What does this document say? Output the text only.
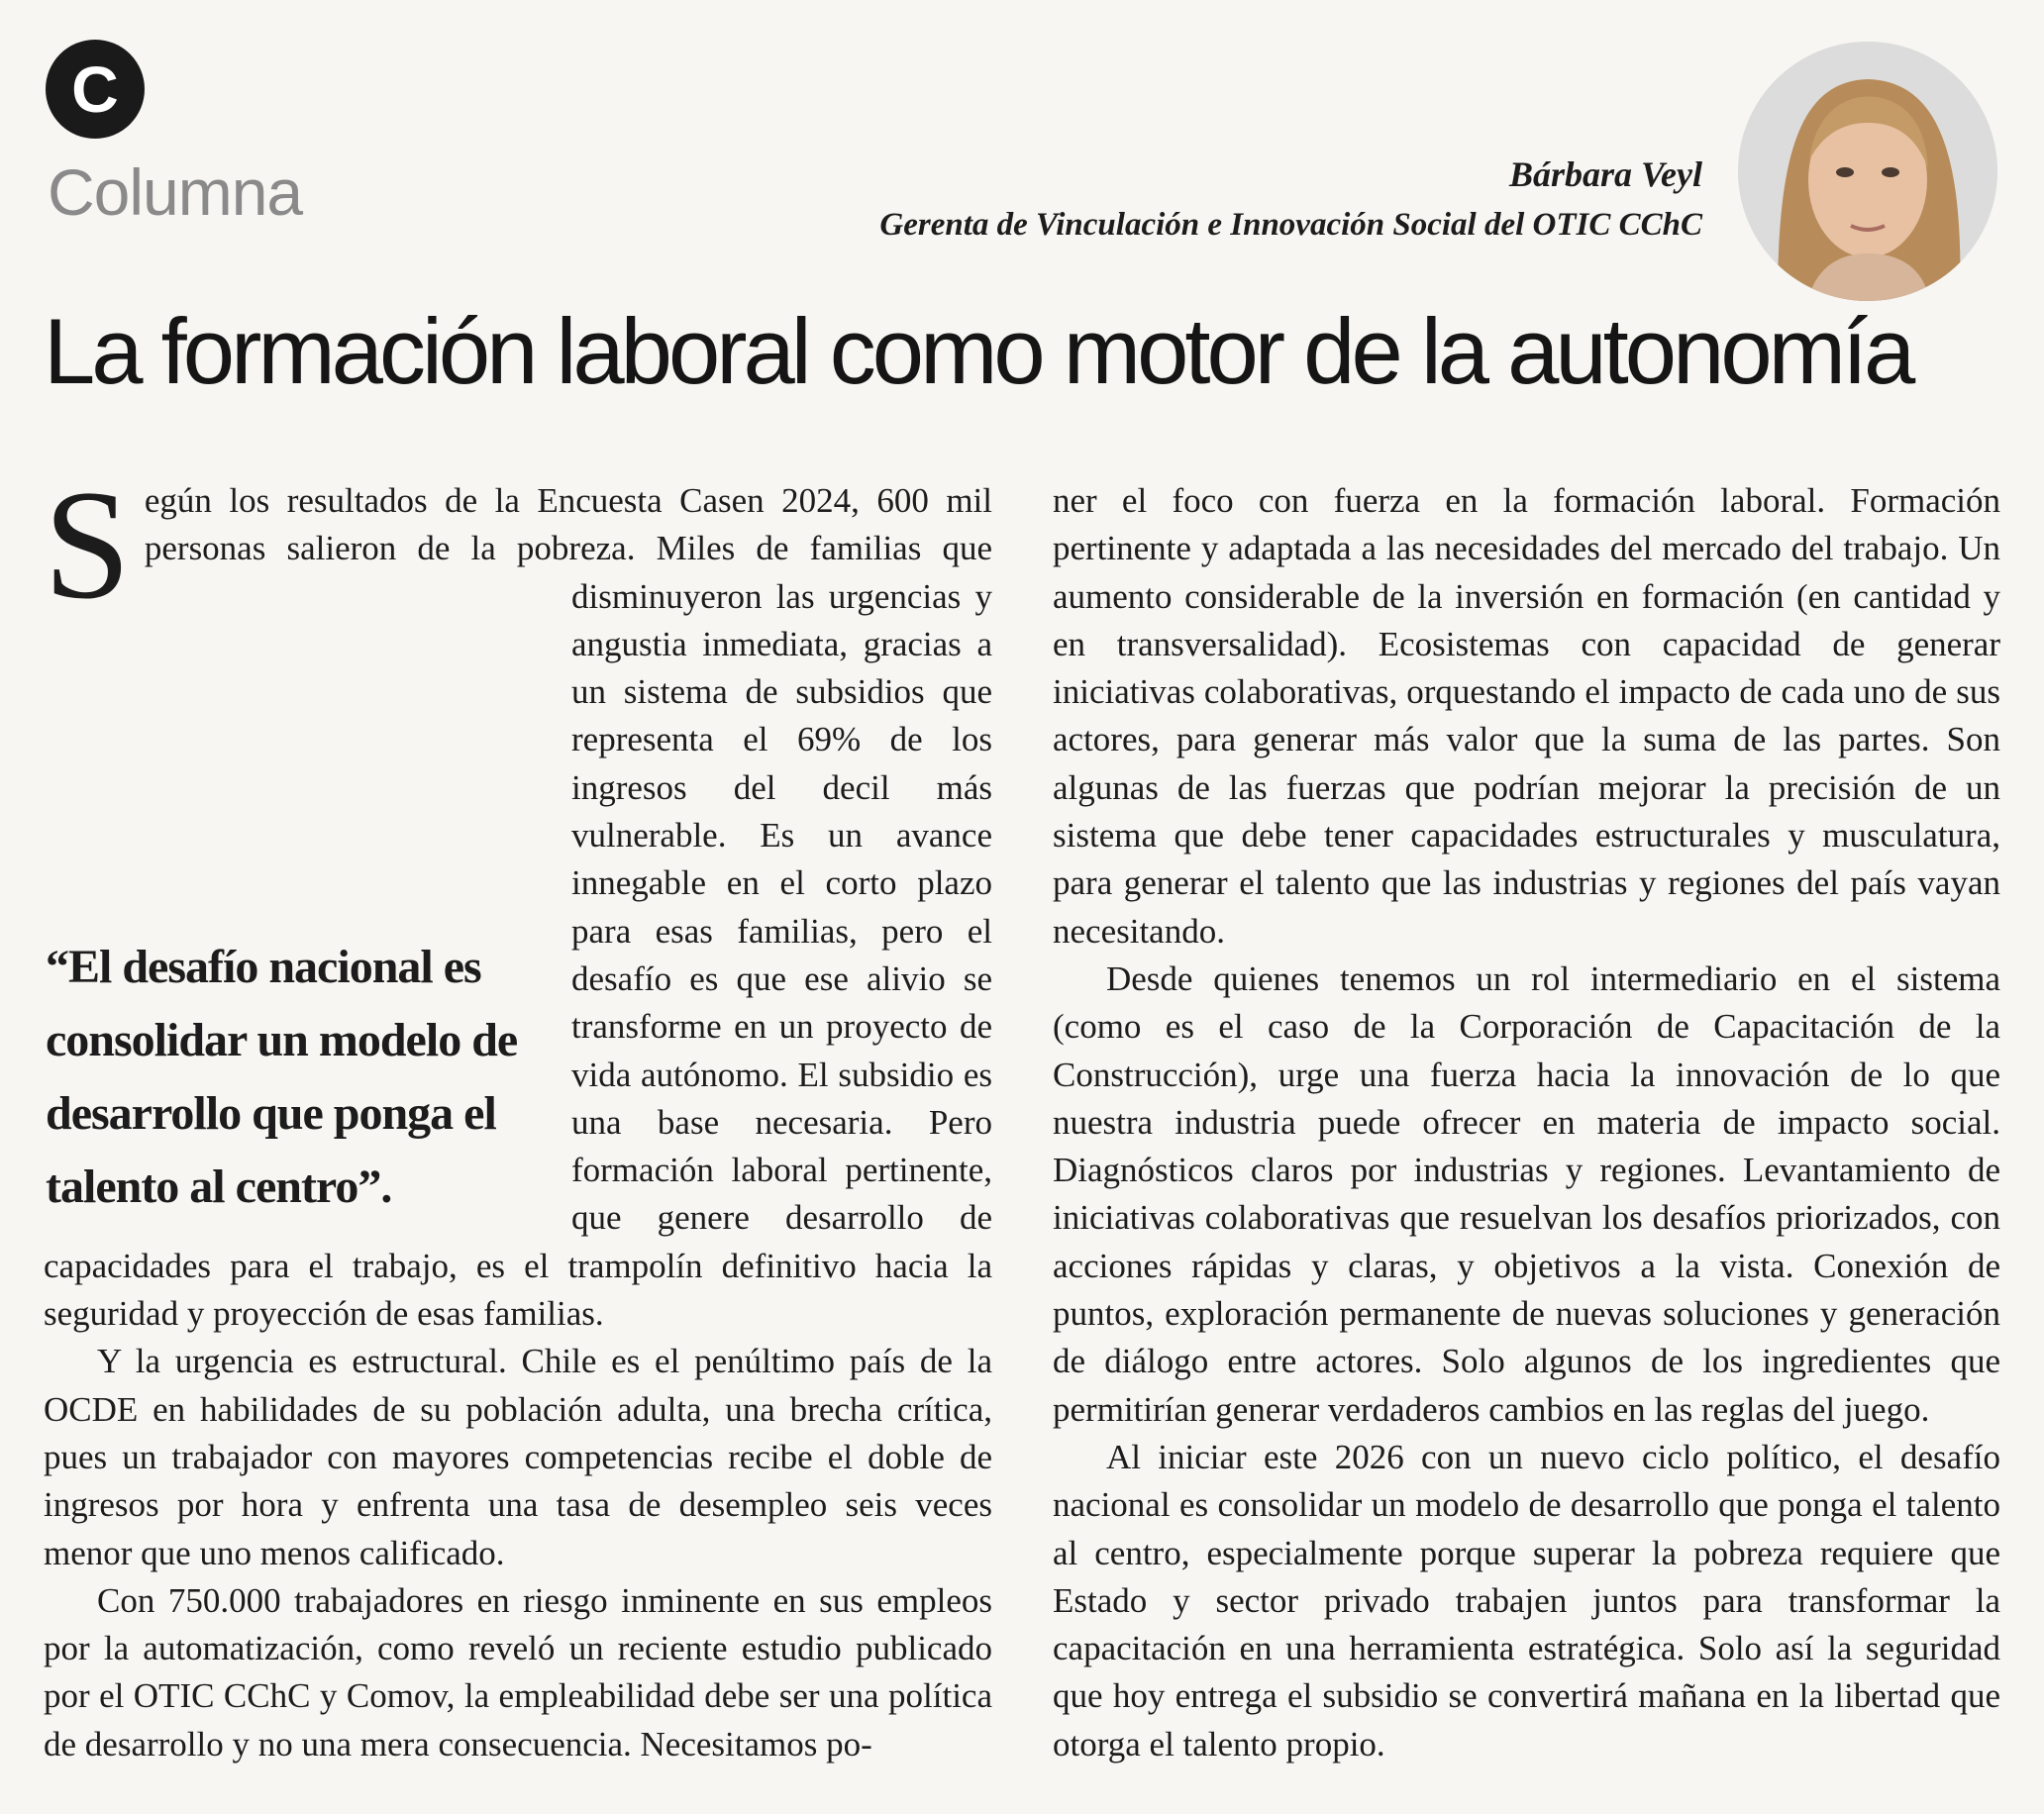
C
Columna	Bárbara Veyl
Gerenta de Vinculación e Innovación Social del OTIC CChC
La formación laboral como motor de la autonomía
“El desafío nacional es consolidar un modelo de desarrollo que ponga el talento al centro”.
S egún los resultados de la Encuesta Casen 2024, 600 mil personas salieron de la pobreza. Miles de familias que disminuyeron las urgencias y angustia inmediata, gracias a un sistema de subsidios que representa el 69% de los ingresos del decil más vulnerable. Es un avance innegable en el corto plazo para esas familias, pero el desafío es que ese alivio se transforme en un proyecto de vida autónomo. El subsidio es una base necesaria. Pero formación laboral pertinente, que genere desarrollo de capacidades para el trabajo, es el trampolín definitivo hacia la seguridad y proyección de esas familias.

Y la urgencia es estructural. Chile es el penúltimo país de la OCDE en habilidades de su población adulta, una brecha crítica, pues un trabajador con mayores competencias recibe el doble de ingresos por hora y enfrenta una tasa de desempleo seis veces menor que uno menos calificado.

Con 750.000 trabajadores en riesgo inminente en sus empleos por la automatización, como reveló un reciente estudio publicado por el OTIC CChC y Comov, la empleabilidad debe ser una política de desarrollo y no una mera consecuencia. Necesitamos po-

ner el foco con fuerza en la formación laboral. Formación pertinente y adaptada a las necesidades del mercado del trabajo. Un aumento considerable de la inversión en formación (en cantidad y en transversalidad). Ecosistemas con capacidad de generar iniciativas colaborativas, orquestando el impacto de cada uno de sus actores, para generar más valor que la suma de las partes. Son algunas de las fuerzas que podrían mejorar la precisión de un sistema que debe tener capacidades estructurales y musculatura, para generar el talento que las industrias y regiones del país vayan necesitando.

Desde quienes tenemos un rol intermediario en el sistema (como es el caso de la Corporación de Capacitación de la Construcción), urge una fuerza hacia la innovación de lo que nuestra industria puede ofrecer en materia de impacto social. Diagnósticos claros por industrias y regiones. Levantamiento de iniciativas colaborativas que resuelvan los desafíos priorizados, con acciones rápidas y claras, y objetivos a la vista. Conexión de puntos, exploración permanente de nuevas soluciones y generación de diálogo entre actores. Solo algunos de los ingredientes que permitirían generar verdaderos cambios en las reglas del juego.

Al iniciar este 2026 con un nuevo ciclo político, el desafío nacional es consolidar un modelo de desarrollo que ponga el talento al centro, especialmente porque superar la pobreza requiere que Estado y sector privado trabajen juntos para transformar la capacitación en una herramienta estratégica. Solo así la seguridad que hoy entrega el subsidio se convertirá mañana en la libertad que otorga el talento propio.
